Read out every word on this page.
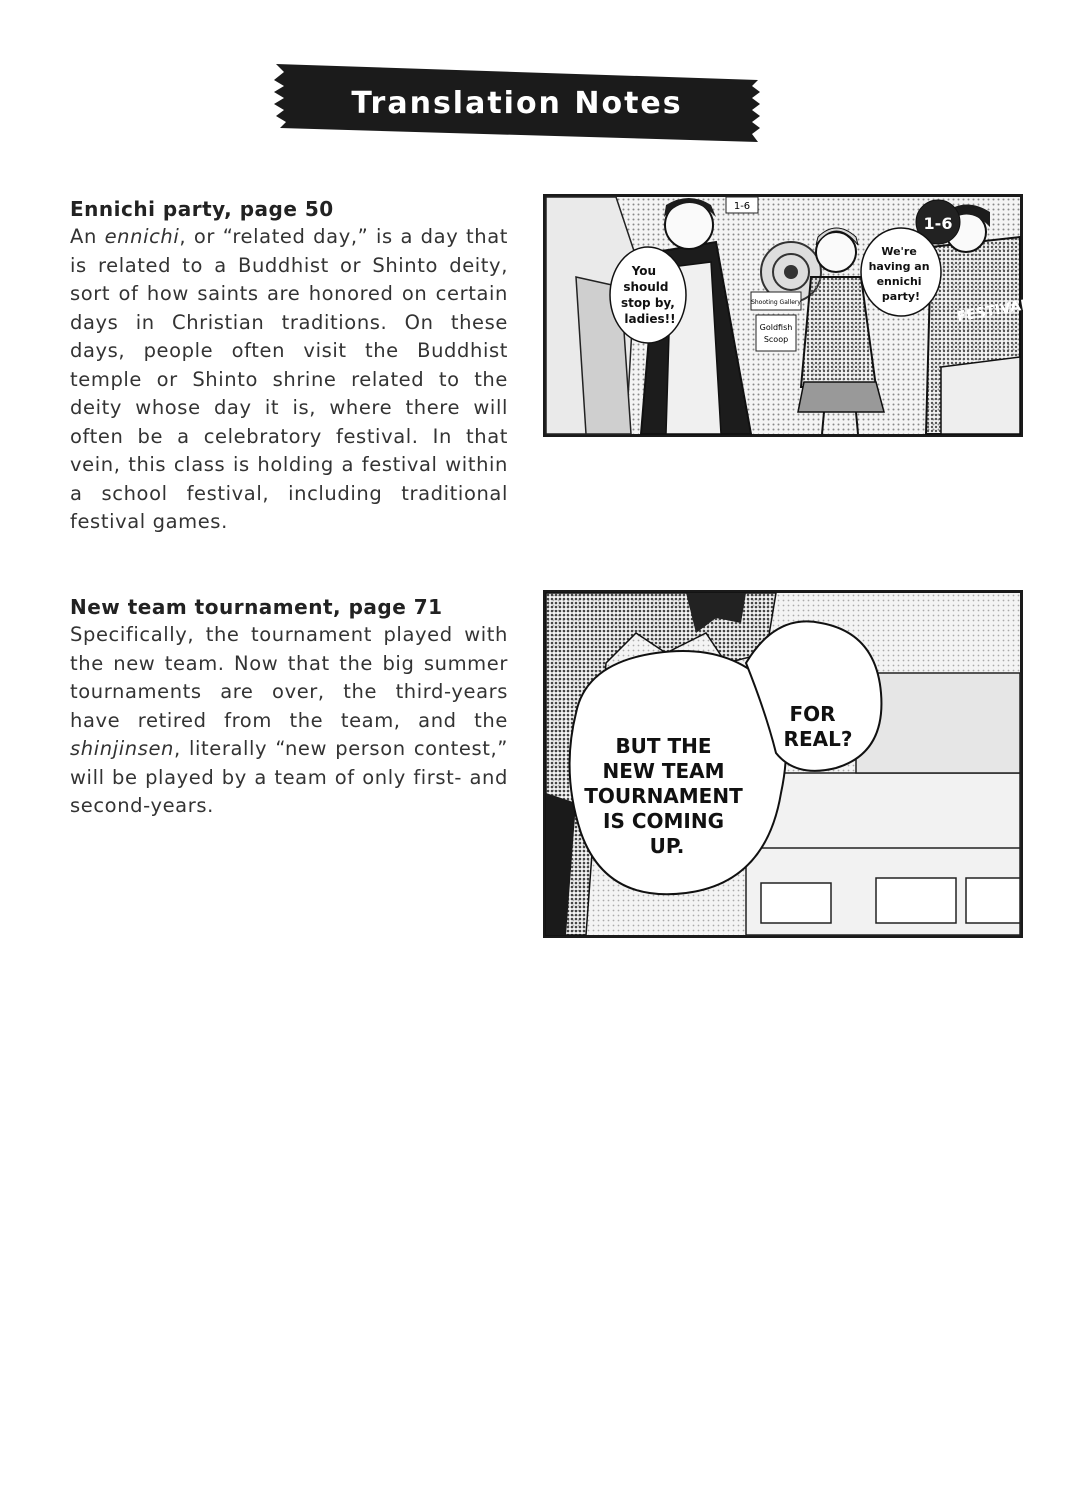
Translation Notes
Ennichi party, page 50
An ennichi, or “related day,” is a day that is related to a Buddhist or Shinto deity, sort of how saints are honored on certain days in Christian traditions. On these days, people often visit the Buddhist temple or Shinto shrine related to the deity whose day it is, where there will often be a celebratory festival. In that vein, this class is holding a festival within a school festival, including traditional festival games.
New team tournament, page 71
Specifically, the tournament played with the new team. Now that the big summer tournaments are over, the third-years have retired from the team, and the shinjinsen, literally “new person contest,” will be played by a team of only first- and second-years.
1-6
1-6
Shooting Gallery
Goldfish
Scoop
FESTIVAL
You should stop by, ladies!!
We're having an ennichi party!
BUT THE NEW TEAM TOURNAMENT IS COMING UP.
FOR REAL?
